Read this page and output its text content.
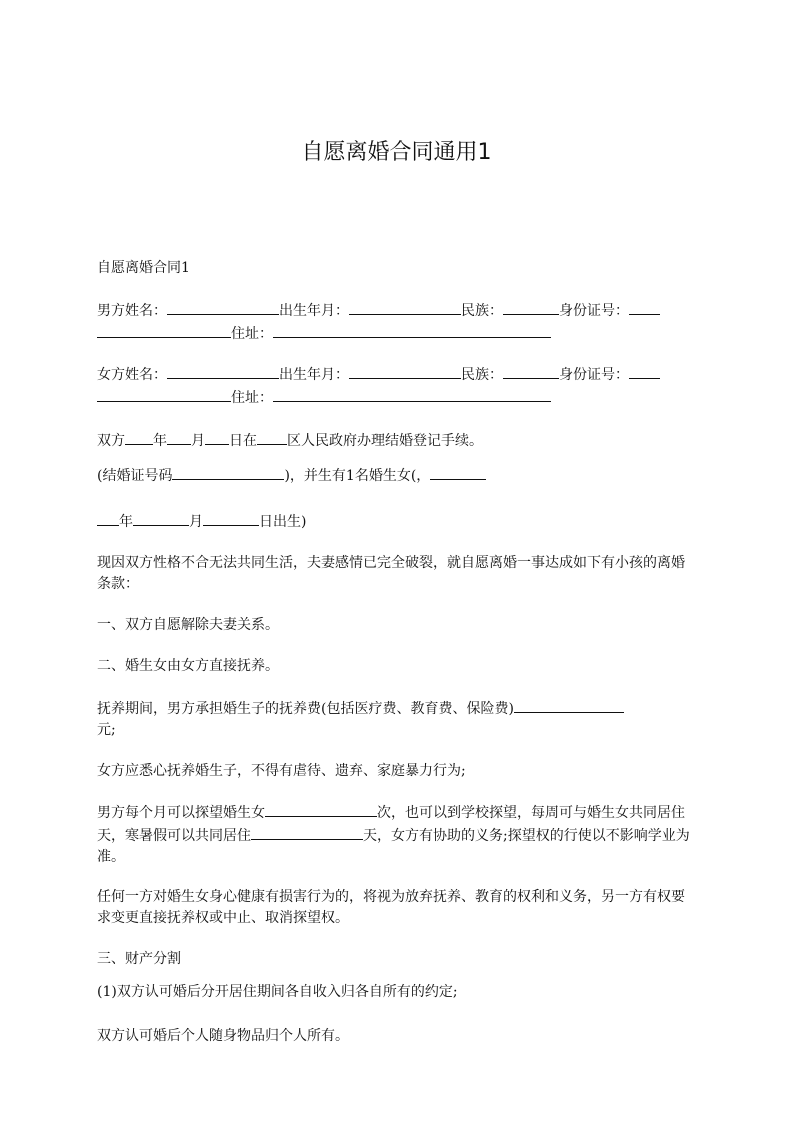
自愿离婚合同通用1

自愿离婚合同1

男方姓名：	出生年月：	民族：	身份证号：
住址：

女方姓名：	出生年月：	民族：	身份证号：
住址：

双方 年 月 日在 区人民政府办理结婚登记手续。

(结婚证号码	)，并生有1名婚生女(，

年	月	日出生)

现因双方性格不合无法共同生活，夫妻感情已完全破裂，就自愿离婚一事达成如下有小孩的离婚条款：

一、双方自愿解除夫妻关系。

二、婚生女由女方直接抚养。

抚养期间，男方承担婚生子的抚养费(包括医疗费、教育费、保险费)
元;

女方应悉心抚养婚生子，不得有虐待、遗弃、家庭暴力行为;

男方每个月可以探望婚生女	次，也可以到学校探望，每周可与婚生女共同居住天，寒暑假可以共同居住	天，女方有协助的义务;探望权的行使以不影响学业为准。

任何一方对婚生女身心健康有损害行为的，将视为放弃抚养、教育的权利和义务，另一方有权要求变更直接抚养权或中止、取消探望权。

三、财产分割

(1)双方认可婚后分开居住期间各自收入归各自所有的约定;

双方认可婚后个人随身物品归个人所有。
